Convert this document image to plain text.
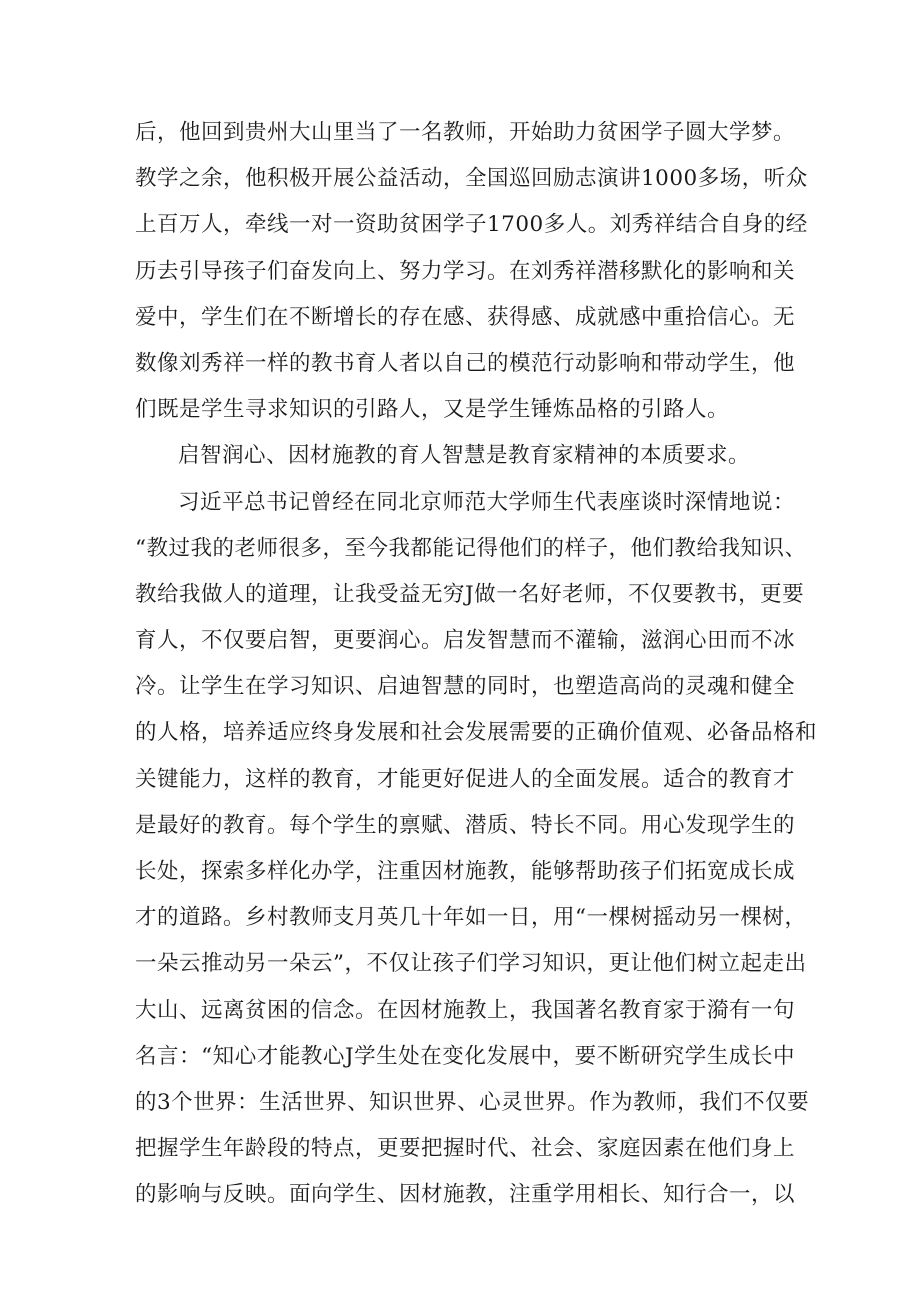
后，他回到贵州大山里当了一名教师，开始助力贫困学子圆大学梦。
教学之余，他积极开展公益活动，全国巡回励志演讲1000多场，听众
上百万人，牵线一对一资助贫困学子1700多人。刘秀祥结合自身的经
历去引导孩子们奋发向上、努力学习。在刘秀祥潜移默化的影响和关
爱中，学生们在不断增长的存在感、获得感、成就感中重拾信心。无
数像刘秀祥一样的教书育人者以自己的模范行动影响和带动学生，他
们既是学生寻求知识的引路人，又是学生锤炼品格的引路人。
启智润心、因材施教的育人智慧是教育家精神的本质要求。
习近平总书记曾经在同北京师范大学师生代表座谈时深情地说：
“教过我的老师很多，至今我都能记得他们的样子，他们教给我知识、
教给我做人的道理，让我受益无穷J做一名好老师，不仅要教书，更要
育人，不仅要启智，更要润心。启发智慧而不灌输，滋润心田而不冰
冷。让学生在学习知识、启迪智慧的同时，也塑造高尚的灵魂和健全
的人格，培养适应终身发展和社会发展需要的正确价值观、必备品格和
关键能力，这样的教育，才能更好促进人的全面发展。适合的教育才
是最好的教育。每个学生的禀赋、潜质、特长不同。用心发现学生的
长处，探索多样化办学，注重因材施教，能够帮助孩子们拓宽成长成
才的道路。乡村教师支月英几十年如一日，用“一棵树摇动另一棵树，
一朵云推动另一朵云”，不仅让孩子们学习知识，更让他们树立起走出
大山、远离贫困的信念。在因材施教上，我国著名教育家于漪有一句
名言：“知心才能教心J学生处在变化发展中，要不断研究学生成长中
的3个世界：生活世界、知识世界、心灵世界。作为教师，我们不仅要
把握学生年龄段的特点，更要把握时代、社会、家庭因素在他们身上
的影响与反映。面向学生、因材施教，注重学用相长、知行合一，以
